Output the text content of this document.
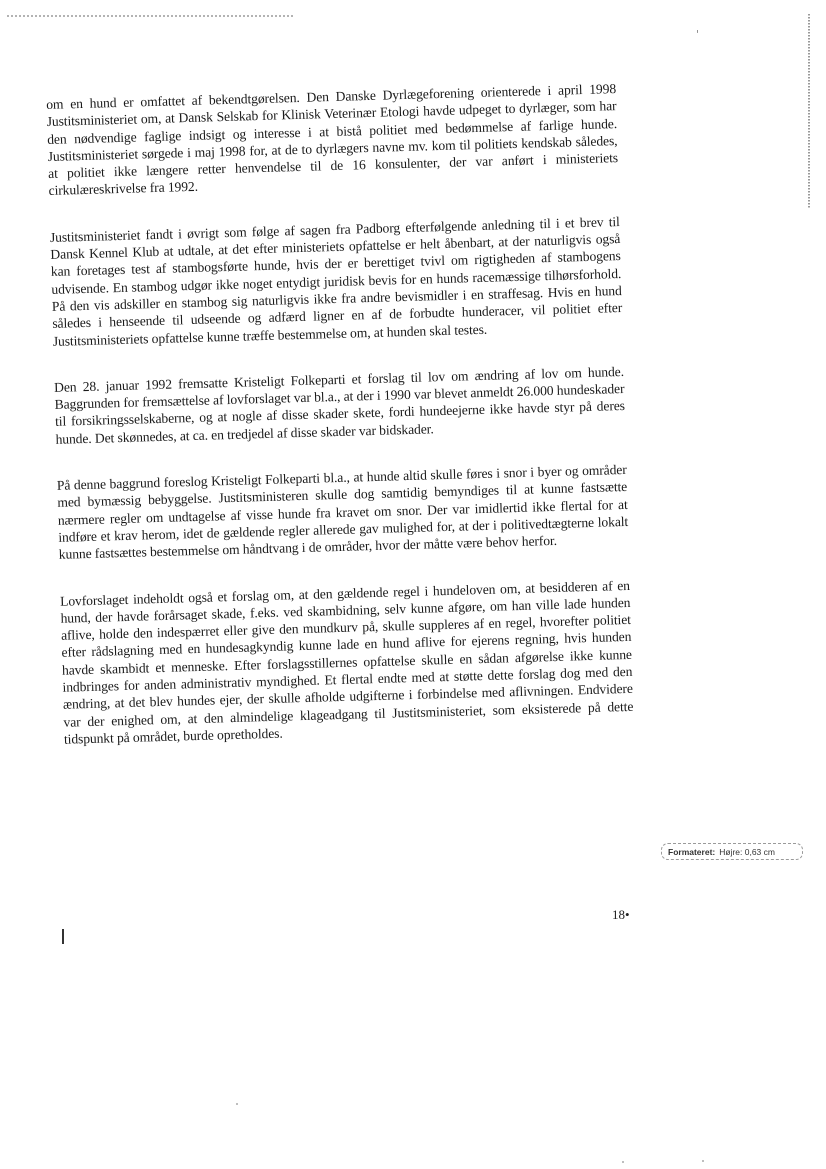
'

om en hund er omfattet af bekendtgørelsen. Den Danske Dyrlægeforening orienterede i april 1998 Justitsministeriet om, at Dansk Selskab for Klinisk Veterinær Etologi havde udpeget to dyrlæger, som har den nødvendige faglige indsigt og interesse i at bistå politiet med bedømmelse af farlige hunde. Justitsministeriet sørgede i maj 1998 for, at de to dyrlægers navne mv. kom til politiets kendskab således, at politiet ikke længere retter henvendelse til de 16 konsulenter, der var anført i ministeriets cirkulæreskrivelse fra 1992.

Justitsministeriet fandt i øvrigt som følge af sagen fra Padborg efterfølgende anledning til i et brev til Dansk Kennel Klub at udtale, at det efter ministeriets opfattelse er helt åbenbart, at der naturligvis også kan foretages test af stambogsførte hunde, hvis der er berettiget tvivl om rigtigheden af stambogens udvisende. En stambog udgør ikke noget entydigt juridisk bevis for en hunds racemæssige tilhørsforhold. På den vis adskiller en stambog sig naturligvis ikke fra andre bevismidler i en straffesag. Hvis en hund således i henseende til udseende og adfærd ligner en af de forbudte hunderacer, vil politiet efter Justitsministeriets opfattelse kunne træffe bestemmelse om, at hunden skal testes.

Den 28. januar 1992 fremsatte Kristeligt Folkeparti et forslag til lov om ændring af lov om hunde. Baggrunden for fremsættelse af lovforslaget var bl.a., at der i 1990 var blevet anmeldt 26.000 hundeskader til forsikringsselskaberne, og at nogle af disse skader skete, fordi hundeejerne ikke havde styr på deres hunde. Det skønnedes, at ca. en tredjedel af disse skader var bidskader.

På denne baggrund foreslog Kristeligt Folkeparti bl.a., at hunde altid skulle føres i snor i byer og områder med bymæssig bebyggelse. Justitsministeren skulle dog samtidig bemyndiges til at kunne fastsætte nærmere regler om undtagelse af visse hunde fra kravet om snor. Der var imidlertid ikke flertal for at indføre et krav herom, idet de gældende regler allerede gav mulighed for, at der i politivedtægterne lokalt kunne fastsættes bestemmelse om håndtvang i de områder, hvor der måtte være behov herfor.

Lovforslaget indeholdt også et forslag om, at den gældende regel i hundeloven om, at besidderen af en hund, der havde forårsaget skade, f.eks. ved skambidning, selv kunne afgøre, om han ville lade hunden aflive, holde den indespærret eller give den mundkurv på, skulle suppleres af en regel, hvorefter politiet efter rådslagning med en hundesagkyndig kunne lade en hund aflive for ejerens regning, hvis hunden havde skambidt et menneske. Efter forslagsstillernes opfattelse skulle en sådan afgørelse ikke kunne indbringes for anden administrativ myndighed. Et flertal endte med at støtte dette forslag dog med den ændring, at det blev hundes ejer, der skulle afholde udgifterne i forbindelse med aflivningen. Endvidere var der enighed om, at den almindelige klageadgang til Justitsministeriet, som eksisterede på dette tidspunkt på området, burde opretholdes.

Formateret: Højre: 0,63 cm
18•
